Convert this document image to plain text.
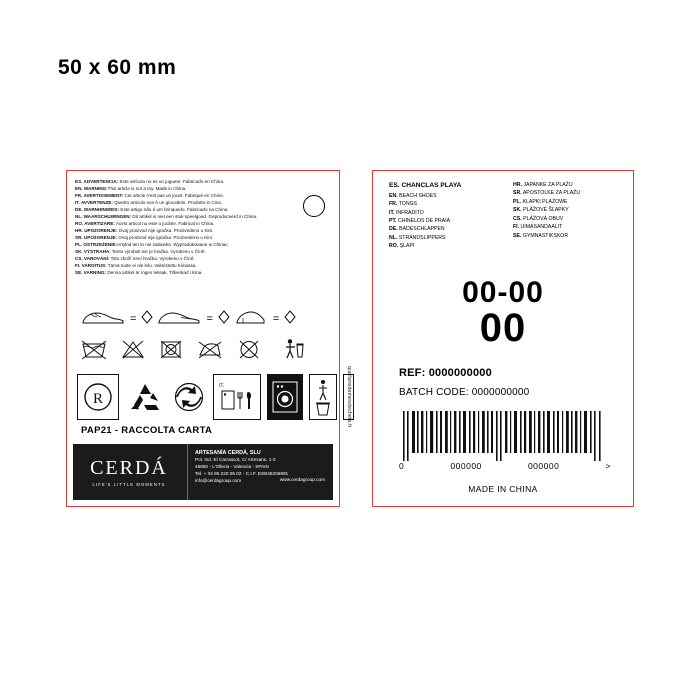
50 x 60 mm
ES. ADVERTENCIA: Este artículo no es un juguete. Fabricado en China.
EN. WARNING:This article is not a toy. Made in China.
FR. AVERTISSEMENT: Cet article n'est pas un jouet. Fabriqué en Chine.
IT. AVVERTENZE: Questo articolo non è un giocattolo. Prodotto in Cina.
DE. WARNHINWEIS: Este artigo não é um brinquedo. Fabricado na China.
NL. WAARSCHUWINGEN: Dit artikel is niet een stuk speelgoed. Geproduceerd in China.
RO. AVERTIZARE: Acest articol nu este o jucărie. Fabricat in China.
HR. UPOZORENJE: Ovaj proizvod nije igračka. Proizvedeno u Kini.
SR. UPOZORENJE: Ovaj proizvod nije igračka. Proizvedeno u Kini.
PL. OSTRZEŻENIE:Artykuł ten to nie zabawka. Wyprodukowane w Chinac.
SK. VÝSTRAHA: Tento výrobok nie je hračka. Vyrobeno v Číně.
CS. VAROVÁNÍ: Toto zboží není hračka. Vyrobeno v Číně.
FI. VAROITUS: Tämä tuote ei ole lelu. Valmistettu Kiinassa.
SE. VARNING: Denna artikel är ingen leksak. Tillverkad i Kina.
=	=	=
R
IT.	quefairedemesdechets.fr
PAP21 - RACCOLTA CARTA
CERDÁ
LIFE'S LITTLE MOMENTS
ARTESANÍA CERDÁ, SLU
Pol. Ind. El Carrascot, C/ Artesans, 1-3
46850 - L'Olleria - Valencia - SPAIN
Tel. + 34 96 220 05 02 - C.I.F. ESB46206991
info@cerdagroup.com	www.cerdagroup.com
ES. CHANCLAS PLAYA
EN. BEACH SHOES
FR. TONGS
IT. INFRADITO
PT. CHINELOS DE PRAIA
DE. BADESCHLAPPEN
NL. STRANDSLIPPERS
RO. ŞLAPI
HR. JAPANKE ZA PLAŽU
SR. APOSTOLKE ZA PLAŽU
PL. KLAPKI PLAŻOWE
SK. PLÁŽOVÉ ŠĽAPKY
CS. PLÁŽOVÁ OBUV
FI. UIMASANDAALIT
SE. GYMNASTIKSKOR
00-00
00
REF: 0000000000
BATCH CODE: 0000000000
0	000000	000000	>
MADE IN CHINA
